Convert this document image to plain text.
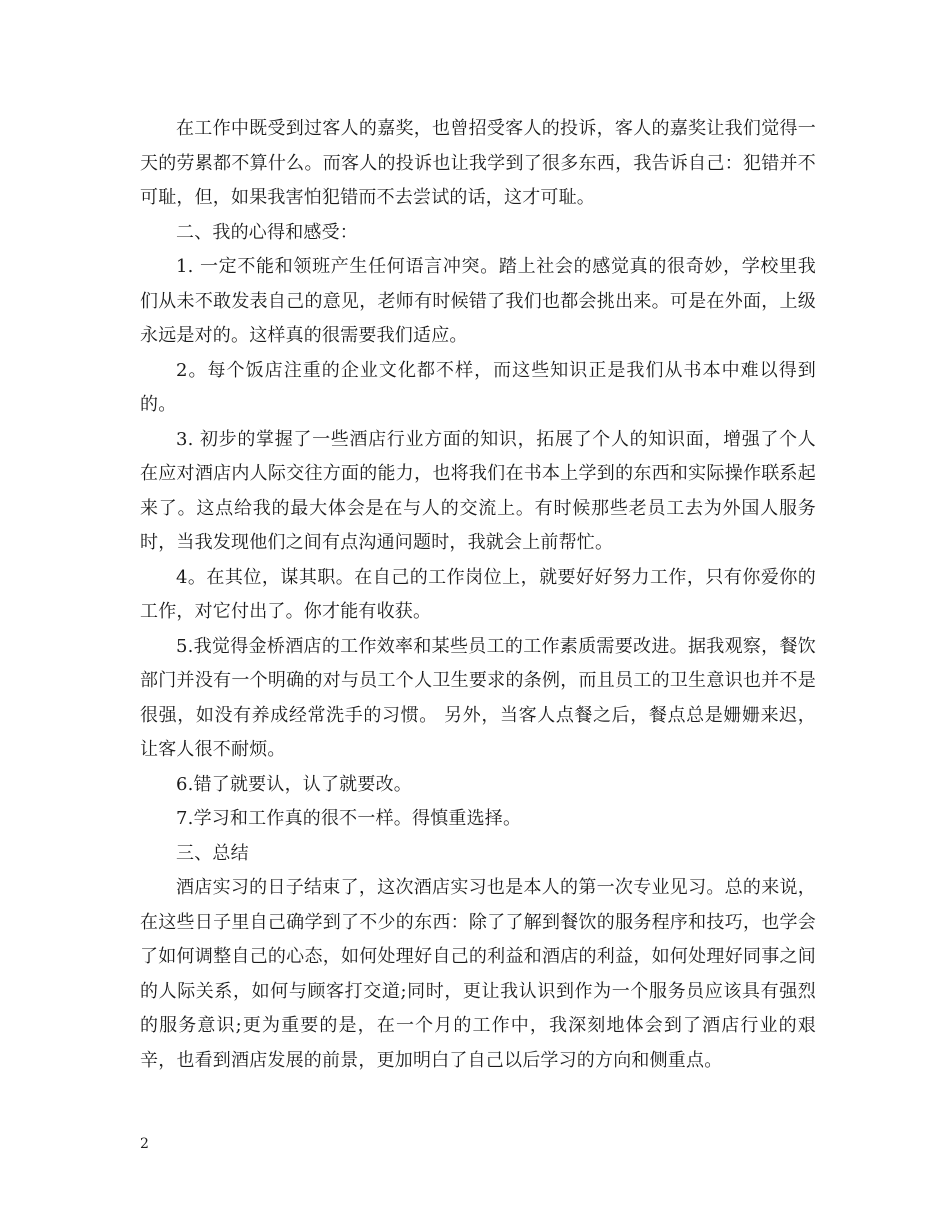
在工作中既受到过客人的嘉奖，也曾招受客人的投诉，客人的嘉奖让我们觉得一天的劳累都不算什么。而客人的投诉也让我学到了很多东西，我告诉自己：犯错并不可耻，但，如果我害怕犯错而不去尝试的话，这才可耻。

二、我的心得和感受：

1. 一定不能和领班产生任何语言冲突。踏上社会的感觉真的很奇妙，学校里我们从未不敢发表自己的意见，老师有时候错了我们也都会挑出来。可是在外面，上级永远是对的。这样真的很需要我们适应。

2。每个饭店注重的企业文化都不样，而这些知识正是我们从书本中难以得到的。

3. 初步的掌握了一些酒店行业方面的知识，拓展了个人的知识面，增强了个人在应对酒店内人际交往方面的能力，也将我们在书本上学到的东西和实际操作联系起来了。这点给我的最大体会是在与人的交流上。有时候那些老员工去为外国人服务时，当我发现他们之间有点沟通问题时，我就会上前帮忙。

4。在其位，谋其职。在自己的工作岗位上，就要好好努力工作，只有你爱你的工作，对它付出了。你才能有收获。

5.我觉得金桥酒店的工作效率和某些员工的工作素质需要改进。据我观察，餐饮部门并没有一个明确的对与员工个人卫生要求的条例，而且员工的卫生意识也并不是很强，如没有养成经常洗手的习惯。 另外，当客人点餐之后，餐点总是姗姗来迟，让客人很不耐烦。

6.错了就要认，认了就要改。

7.学习和工作真的很不一样。得慎重选择。

三、总结

酒店实习的日子结束了，这次酒店实习也是本人的第一次专业见习。总的来说，在这些日子里自己确学到了不少的东西：除了了解到餐饮的服务程序和技巧，也学会了如何调整自己的心态，如何处理好自己的利益和酒店的利益，如何处理好同事之间的人际关系，如何与顾客打交道;同时，更让我认识到作为一个服务员应该具有强烈的服务意识;更为重要的是，在一个月的工作中，我深刻地体会到了酒店行业的艰辛，也看到酒店发展的前景，更加明白了自己以后学习的方向和侧重点。

2
